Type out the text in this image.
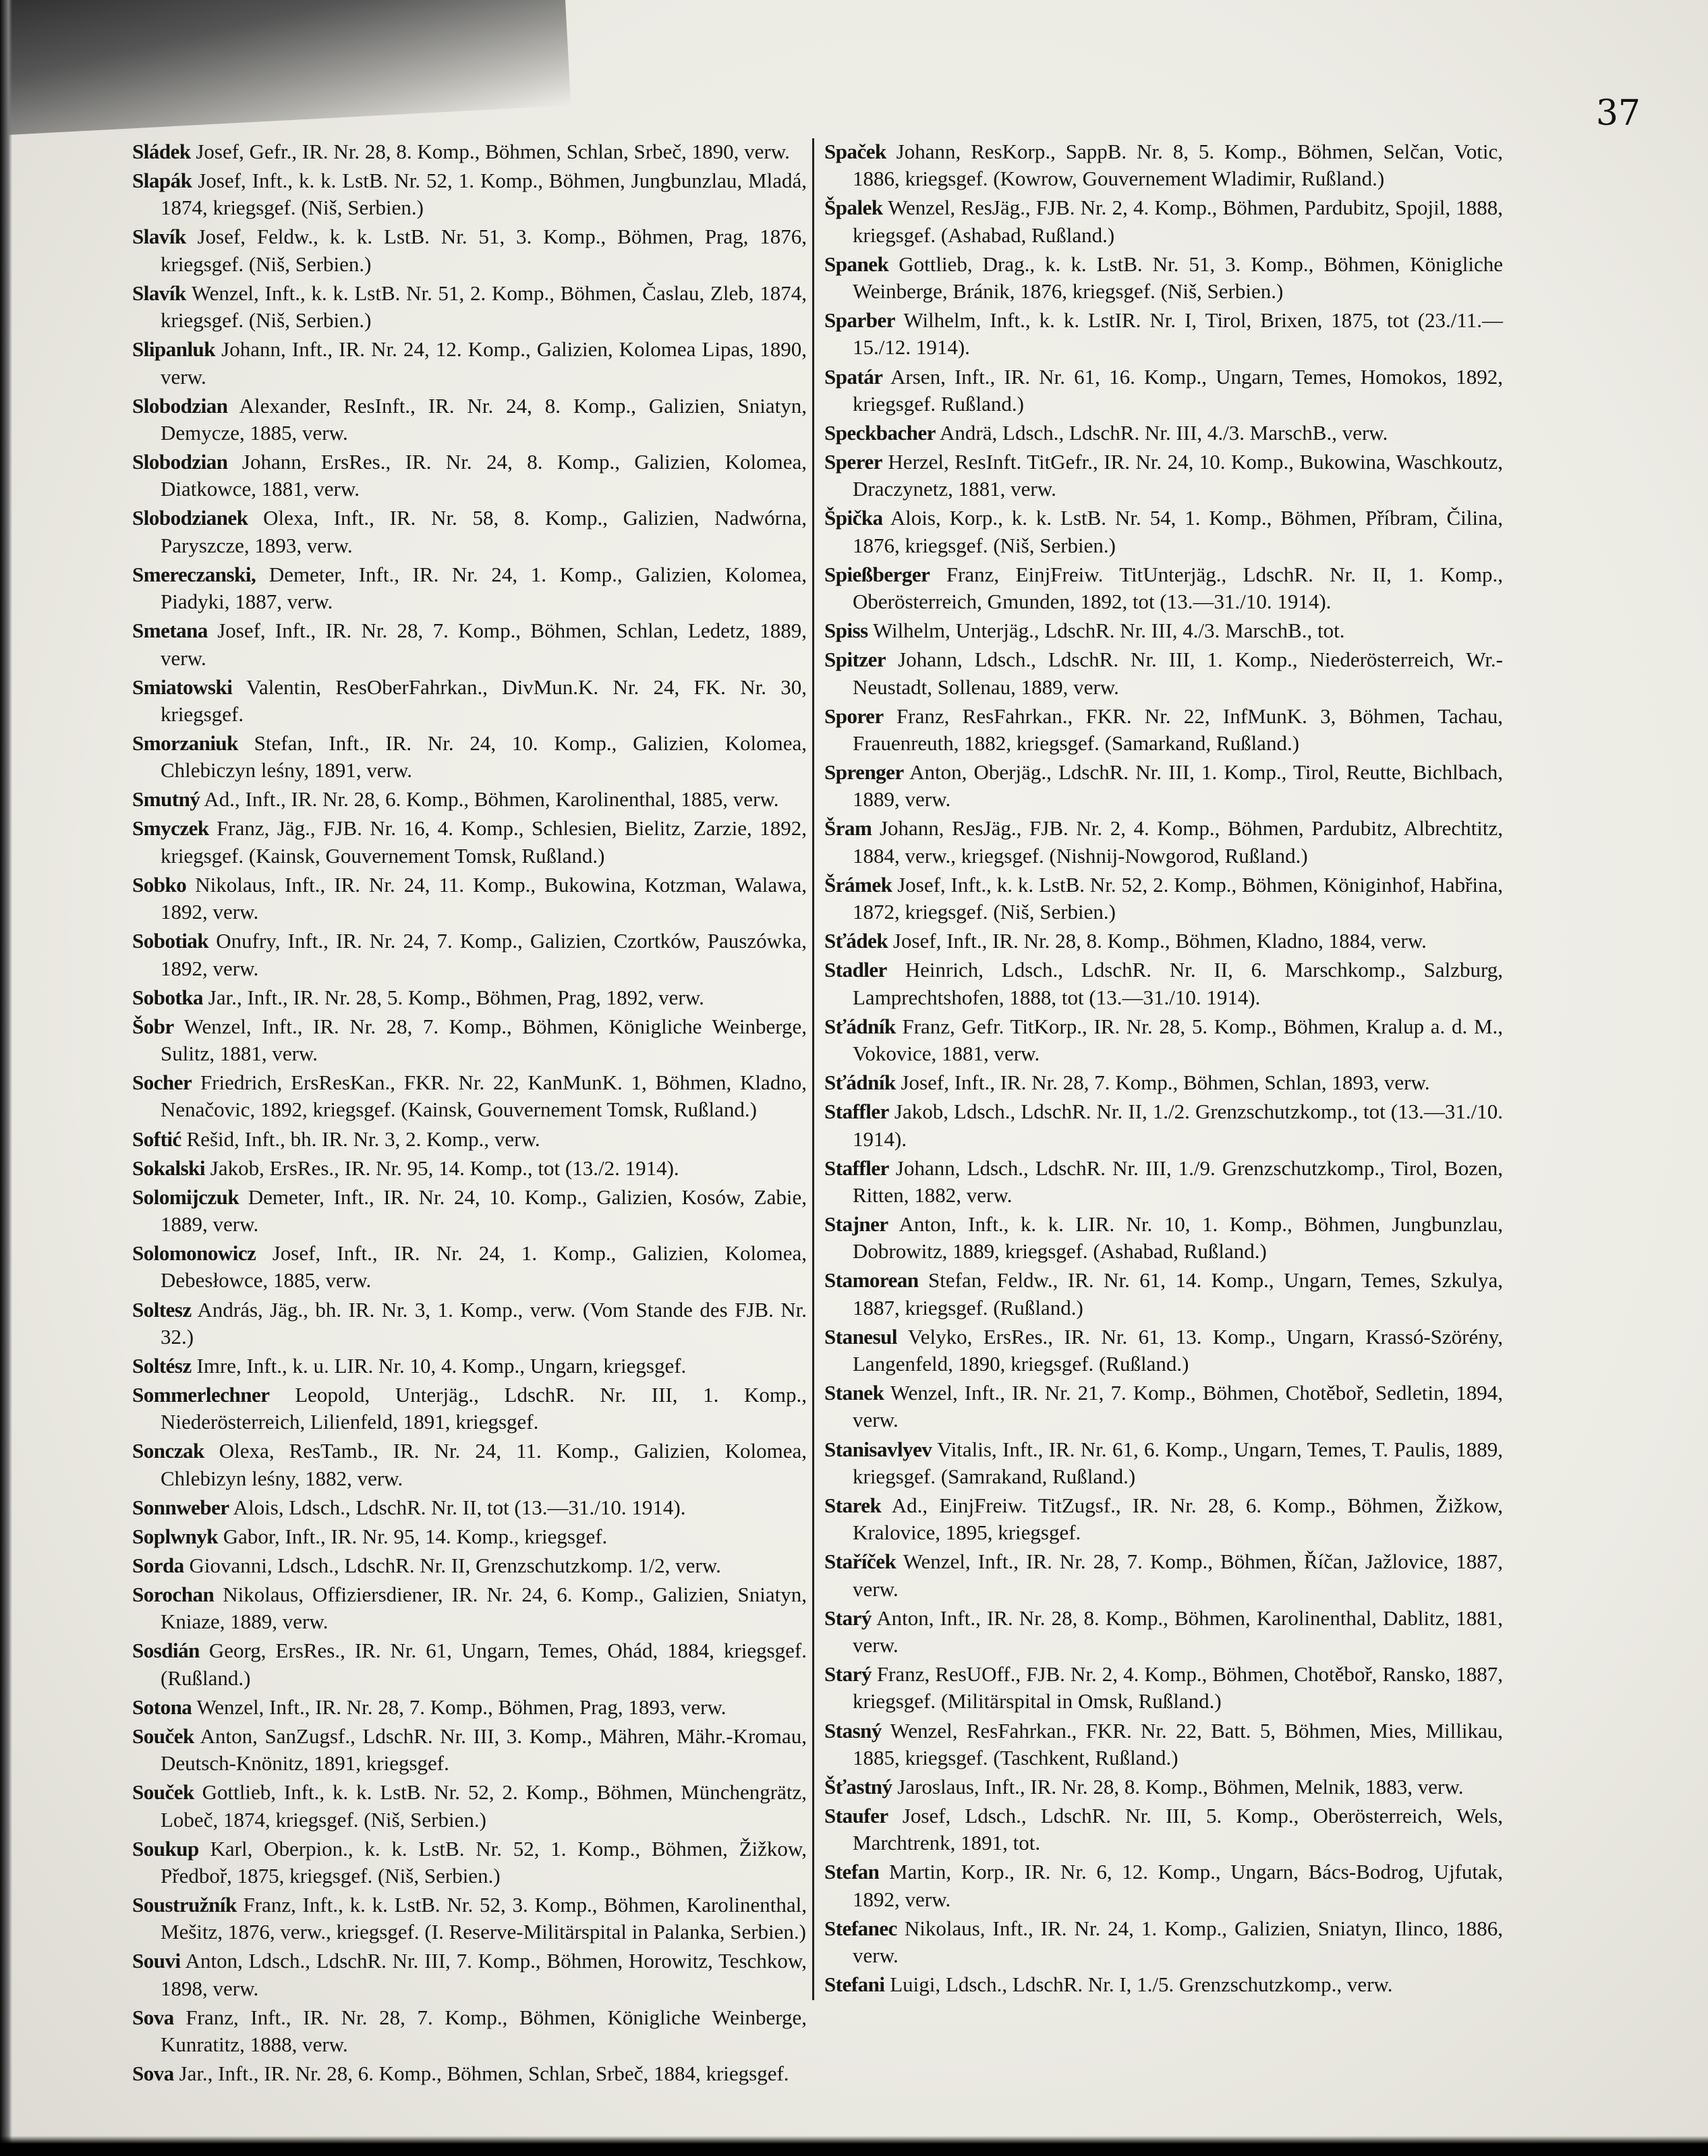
37

Sládek Josef, Gefr., IR. Nr. 28, 8. Komp., Böhmen, Schlan, Srbeč, 1890, verw.

Slapák Josef, Inft., k. k. LstB. Nr. 52, 1. Komp., Böhmen, Jungbunzlau, Mladá, 1874, kriegsgef. (Niš, Serbien.)

Slavík Josef, Feldw., k. k. LstB. Nr. 51, 3. Komp., Böhmen, Prag, 1876, kriegsgef. (Niš, Serbien.)

Slavík Wenzel, Inft., k. k. LstB. Nr. 51, 2. Komp., Böhmen, Časlau, Zleb, 1874, kriegsgef. (Niš, Serbien.)

Slipanluk Johann, Inft., IR. Nr. 24, 12. Komp., Galizien, Kolomea Lipas, 1890, verw.

Slobodzian Alexander, ResInft., IR. Nr. 24, 8. Komp., Galizien, Sniatyn, Demycze, 1885, verw.

Slobodzian Johann, ErsRes., IR. Nr. 24, 8. Komp., Galizien, Kolomea, Diatkowce, 1881, verw.

Slobodzianek Olexa, Inft., IR. Nr. 58, 8. Komp., Galizien, Nadwórna, Paryszcze, 1893, verw.

Smereczanski, Demeter, Inft., IR. Nr. 24, 1. Komp., Galizien, Kolomea, Piadyki, 1887, verw.

Smetana Josef, Inft., IR. Nr. 28, 7. Komp., Böhmen, Schlan, Ledetz, 1889, verw.

Smiatowski Valentin, ResOberFahrkan., DivMun.K. Nr. 24, FK. Nr. 30, kriegsgef.

Smorzaniuk Stefan, Inft., IR. Nr. 24, 10. Komp., Galizien, Kolomea, Chlebiczyn leśny, 1891, verw.

Smutný Ad., Inft., IR. Nr. 28, 6. Komp., Böhmen, Karolinenthal, 1885, verw.

Smyczek Franz, Jäg., FJB. Nr. 16, 4. Komp., Schlesien, Bielitz, Zarzie, 1892, kriegsgef. (Kainsk, Gouvernement Tomsk, Rußland.)

Sobko Nikolaus, Inft., IR. Nr. 24, 11. Komp., Bukowina, Kotzman, Walawa, 1892, verw.

Sobotiak Onufry, Inft., IR. Nr. 24, 7. Komp., Galizien, Czortków, Pauszówka, 1892, verw.

Sobotka Jar., Inft., IR. Nr. 28, 5. Komp., Böhmen, Prag, 1892, verw.

Šobr Wenzel, Inft., IR. Nr. 28, 7. Komp., Böhmen, Königliche Weinberge, Sulitz, 1881, verw.

Socher Friedrich, ErsResKan., FKR. Nr. 22, KanMunK. 1, Böhmen, Kladno, Nenačovic, 1892, kriegsgef. (Kainsk, Gouvernement Tomsk, Rußland.)

Softić Rešid, Inft., bh. IR. Nr. 3, 2. Komp., verw.

Sokalski Jakob, ErsRes., IR. Nr. 95, 14. Komp., tot (13./2. 1914).

Solomijczuk Demeter, Inft., IR. Nr. 24, 10. Komp., Galizien, Kosów, Zabie, 1889, verw.

Solomonowicz Josef, Inft., IR. Nr. 24, 1. Komp., Galizien, Kolomea, Debesłowce, 1885, verw.

Soltesz András, Jäg., bh. IR. Nr. 3, 1. Komp., verw. (Vom Stande des FJB. Nr. 32.)

Soltész Imre, Inft., k. u. LIR. Nr. 10, 4. Komp., Ungarn, kriegsgef.

Sommerlechner Leopold, Unterjäg., LdschR. Nr. III, 1. Komp., Niederösterreich, Lilienfeld, 1891, kriegsgef.

Sonczak Olexa, ResTamb., IR. Nr. 24, 11. Komp., Galizien, Kolomea, Chlebizyn leśny, 1882, verw.

Sonnweber Alois, Ldsch., LdschR. Nr. II, tot (13.—31./10. 1914).

Soplwnyk Gabor, Inft., IR. Nr. 95, 14. Komp., kriegsgef.

Sorda Giovanni, Ldsch., LdschR. Nr. II, Grenzschutzkomp. 1/2, verw.

Sorochan Nikolaus, Offiziersdiener, IR. Nr. 24, 6. Komp., Galizien, Sniatyn, Kniaze, 1889, verw.

Sosdián Georg, ErsRes., IR. Nr. 61, Ungarn, Temes, Ohád, 1884, kriegsgef. (Rußland.)

Sotona Wenzel, Inft., IR. Nr. 28, 7. Komp., Böhmen, Prag, 1893, verw.

Souček Anton, SanZugsf., LdschR. Nr. III, 3. Komp., Mähren, Mähr.-Kromau, Deutsch-Knönitz, 1891, kriegsgef.

Souček Gottlieb, Inft., k. k. LstB. Nr. 52, 2. Komp., Böhmen, Münchengrätz, Lobeč, 1874, kriegsgef. (Niš, Serbien.)

Soukup Karl, Oberpion., k. k. LstB. Nr. 52, 1. Komp., Böhmen, Žižkow, Předboř, 1875, kriegsgef. (Niš, Serbien.)

Soustružník Franz, Inft., k. k. LstB. Nr. 52, 3. Komp., Böhmen, Karolinenthal, Mešitz, 1876, verw., kriegsgef. (I. Reserve-Militärspital in Palanka, Serbien.)

Souvi Anton, Ldsch., LdschR. Nr. III, 7. Komp., Böhmen, Horowitz, Teschkow, 1898, verw.

Sova Franz, Inft., IR. Nr. 28, 7. Komp., Böhmen, Königliche Weinberge, Kunratitz, 1888, verw.

Sova Jar., Inft., IR. Nr. 28, 6. Komp., Böhmen, Schlan, Srbeč, 1884, kriegsgef.

Spaček Johann, ResKorp., SappB. Nr. 8, 5. Komp., Böhmen, Selčan, Votic, 1886, kriegsgef. (Kowrow, Gouvernement Wladimir, Rußland.)

Špalek Wenzel, ResJäg., FJB. Nr. 2, 4. Komp., Böhmen, Pardubitz, Spojil, 1888, kriegsgef. (Ashabad, Rußland.)

Spanek Gottlieb, Drag., k. k. LstB. Nr. 51, 3. Komp., Böhmen, Königliche Weinberge, Bránik, 1876, kriegsgef. (Niš, Serbien.)

Sparber Wilhelm, Inft., k. k. LstIR. Nr. I, Tirol, Brixen, 1875, tot (23./11.—15./12. 1914).

Spatár Arsen, Inft., IR. Nr. 61, 16. Komp., Ungarn, Temes, Homokos, 1892, kriegsgef. Rußland.)

Speckbacher Andrä, Ldsch., LdschR. Nr. III, 4./3. MarschB., verw.

Sperer Herzel, ResInft. TitGefr., IR. Nr. 24, 10. Komp., Bukowina, Waschkoutz, Draczynetz, 1881, verw.

Špička Alois, Korp., k. k. LstB. Nr. 54, 1. Komp., Böhmen, Příbram, Čilina, 1876, kriegsgef. (Niš, Serbien.)

Spießberger Franz, EinjFreiw. TitUnterjäg., LdschR. Nr. II, 1. Komp., Oberösterreich, Gmunden, 1892, tot (13.—31./10. 1914).

Spiss Wilhelm, Unterjäg., LdschR. Nr. III, 4./3. MarschB., tot.

Spitzer Johann, Ldsch., LdschR. Nr. III, 1. Komp., Niederösterreich, Wr.-Neustadt, Sollenau, 1889, verw.

Sporer Franz, ResFahrkan., FKR. Nr. 22, InfMunK. 3, Böhmen, Tachau, Frauenreuth, 1882, kriegsgef. (Samarkand, Rußland.)

Sprenger Anton, Oberjäg., LdschR. Nr. III, 1. Komp., Tirol, Reutte, Bichlbach, 1889, verw.

Šram Johann, ResJäg., FJB. Nr. 2, 4. Komp., Böhmen, Pardubitz, Albrechtitz, 1884, verw., kriegsgef. (Nishnij-Nowgorod, Rußland.)

Šrámek Josef, Inft., k. k. LstB. Nr. 52, 2. Komp., Böhmen, Königinhof, Habřina, 1872, kriegsgef. (Niš, Serbien.)

Sťádek Josef, Inft., IR. Nr. 28, 8. Komp., Böhmen, Kladno, 1884, verw.

Stadler Heinrich, Ldsch., LdschR. Nr. II, 6. Marschkomp., Salzburg, Lamprechtshofen, 1888, tot (13.—31./10. 1914).

Sťádník Franz, Gefr. TitKorp., IR. Nr. 28, 5. Komp., Böhmen, Kralup a. d. M., Vokovice, 1881, verw.

Sťádník Josef, Inft., IR. Nr. 28, 7. Komp., Böhmen, Schlan, 1893, verw.

Staffler Jakob, Ldsch., LdschR. Nr. II, 1./2. Grenzschutzkomp., tot (13.—31./10. 1914).

Staffler Johann, Ldsch., LdschR. Nr. III, 1./9. Grenzschutzkomp., Tirol, Bozen, Ritten, 1882, verw.

Stajner Anton, Inft., k. k. LIR. Nr. 10, 1. Komp., Böhmen, Jungbunzlau, Dobrowitz, 1889, kriegsgef. (Ashabad, Rußland.)

Stamorean Stefan, Feldw., IR. Nr. 61, 14. Komp., Ungarn, Temes, Szkulya, 1887, kriegsgef. (Rußland.)

Stanesul Velyko, ErsRes., IR. Nr. 61, 13. Komp., Ungarn, Krassó-Szörény, Langenfeld, 1890, kriegsgef. (Rußland.)

Stanek Wenzel, Inft., IR. Nr. 21, 7. Komp., Böhmen, Chotěboř, Sedletin, 1894, verw.

Stanisavlyev Vitalis, Inft., IR. Nr. 61, 6. Komp., Ungarn, Temes, T. Paulis, 1889, kriegsgef. (Samrakand, Rußland.)

Starek Ad., EinjFreiw. TitZugsf., IR. Nr. 28, 6. Komp., Böhmen, Žižkow, Kralovice, 1895, kriegsgef.

Staříček Wenzel, Inft., IR. Nr. 28, 7. Komp., Böhmen, Říčan, Jažlovice, 1887, verw.

Starý Anton, Inft., IR. Nr. 28, 8. Komp., Böhmen, Karolinenthal, Dablitz, 1881, verw.

Starý Franz, ResUOff., FJB. Nr. 2, 4. Komp., Böhmen, Chotěboř, Ransko, 1887, kriegsgef. (Militärspital in Omsk, Rußland.)

Stasný Wenzel, ResFahrkan., FKR. Nr. 22, Batt. 5, Böhmen, Mies, Millikau, 1885, kriegsgef. (Taschkent, Rußland.)

Šťastný Jaroslaus, Inft., IR. Nr. 28, 8. Komp., Böhmen, Melnik, 1883, verw.

Staufer Josef, Ldsch., LdschR. Nr. III, 5. Komp., Oberösterreich, Wels, Marchtrenk, 1891, tot.

Stefan Martin, Korp., IR. Nr. 6, 12. Komp., Ungarn, Bács-Bodrog, Ujfutak, 1892, verw.

Stefanec Nikolaus, Inft., IR. Nr. 24, 1. Komp., Galizien, Sniatyn, Ilinco, 1886, verw.

Stefani Luigi, Ldsch., LdschR. Nr. I, 1./5. Grenzschutzkomp., verw.
